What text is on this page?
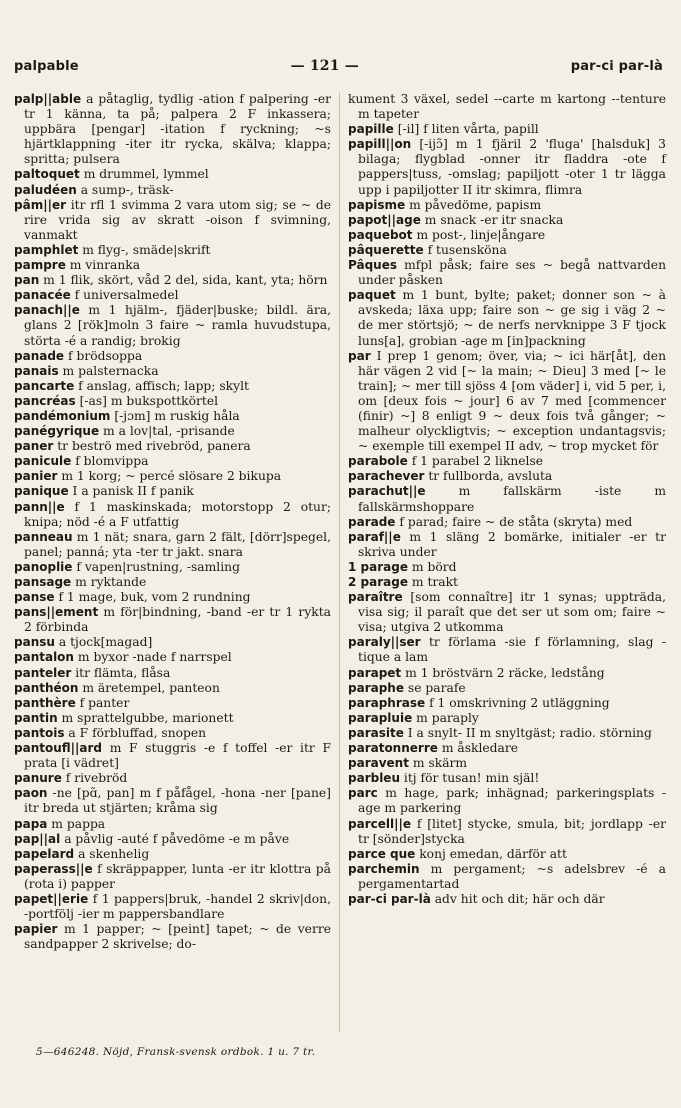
palpable	— 121 —	par-ci par-là

palp||able a påtaglig, tydlig -ation f palpering -er tr 1 känna, ta på; palpera 2 F inkassera; uppbära [pengar] -itation f ryckning; ~s hjärtklappning -iter itr rycka, skälva; klappa; spritta; pulsera

paltoquet m drummel, lymmel

paludéen a sump-, träsk-

pâm||er itr rfl 1 svimma 2 vara utom sig; se ~ de rire vrida sig av skratt -oison f svimning, vanmakt

pamphlet m flyg-, smäde|skrift

pampre m vinranka

pan m 1 flik, skört, våd 2 del, sida, kant, yta; hörn

panacée f universalmedel

panach||e m 1 hjälm-, fjäder|buske; bildl. ära, glans 2 [rök]moln 3 faire ~ ramla huvudstupa, störta -é a randig; brokig

panade f brödsoppa

panais m palsternacka

pancarte f anslag, affisch; lapp; skylt

pancréas [-as] m bukspottkörtel

pandémonium [-jɔm] m ruskig håla

panégyrique m a lov|tal, -prisande

paner tr beströ med rivebröd, panera

panicule f blomvippa

panier m 1 korg; ~ percé slösare 2 bikupa

panique I a panisk II f panik

pann||e f 1 maskinskada; motorstopp 2 otur; knipa; nöd -é a F utfattig

panneau m 1 nät; snara, garn 2 fält, [dörr]spegel, panel; panná; yta -ter tr jakt. snara

panoplie f vapen|rustning, -samling

pansage m ryktande

panse f 1 mage, buk, vom 2 rundning

pans||ement m för|bindning, -band -er tr 1 rykta 2 förbinda

pansu a tjock[magad]

pantalon m byxor -nade f narrspel

panteler itr flämta, flåsa

panthéon m äretempel, panteon

panthère f panter

pantin m sprattelgubbe, marionett

pantois a F förbluffad, snopen

pantoufl||ard m F stuggris -e f toffel -er itr F prata [i vädret]

panure f rivebröd

paon -ne [pɑ̃, pan] m f påfågel, -hona -ner [pane] itr breda ut stjärten; kråma sig

papa m pappa

pap||al a påvlig -auté f påvedöme -e m påve

papelard a skenhelig

paperass||e f skräppapper, lunta -er itr klottra på (rota i) papper

papet||erie f 1 pappers|bruk, -handel 2 skriv|don, -portfölj -ier m pappersbandlare

papier m 1 papper; ~ [peint] tapet; ~ de verre sandpapper 2 skrivelse; do-

kument 3 växel, sedel --carte m kartong --tenture m tapeter

papille [-il] f liten vårta, papill

papill||on [-ijɔ̃] m 1 fjäril 2 'fluga' [halsduk] 3 bilaga; flygblad -onner itr fladdra -ote f pappers|tuss, -omslag; papiljott -oter 1 tr lägga upp i papiljotter II itr skimra, flimra

papisme m påvedöme, papism

papot||age m snack -er itr snacka

paquebot m post-, linje|ångare

pâquerette f tusensköna

Pâques mfpl påsk; faire ses ~ begå nattvarden under påsken

paquet m 1 bunt, bylte; paket; donner son ~ à avskeda; läxa upp; faire son ~ ge sig i väg 2 ~ de mer störtsjö; ~ de nerfs nervknippe 3 F tjock luns[a], grobian -age m [in]packning

par I prep 1 genom; över, via; ~ ici här[åt], den här vägen 2 vid [~ la main; ~ Dieu] 3 med [~ le train]; ~ mer till sjöss 4 [om väder] i, vid 5 per, i, om [deux fois ~ jour] 6 av 7 med [commencer (finir) ~] 8 enligt 9 ~ deux fois två gånger; ~ malheur olyckligtvis; ~ exception undantagsvis; ~ exemple till exempel II adv, ~ trop mycket för

parabole f 1 parabel 2 liknelse

parachever tr fullborda, avsluta

parachut||e	m fallskärm -iste m fallskärmshoppare

parade f parad; faire ~ de ståta (skryta) med

paraf||e m 1 släng 2 bomärke, initialer -er tr skriva under

1 parage m börd

2 parage m trakt

paraître [som connaître] itr 1 synas; uppträda, visa sig; il paraît que det ser ut som om; faire ~ visa; utgiva 2 utkomma

paraly||ser tr förlama -sie f förlamning, slag -tique a lam

parapet m 1 bröstvärn 2 räcke, ledstång

paraphe se parafe

paraphrase f 1 omskrivning 2 utläggning

parapluie m paraply

parasite I a snylt- II m snyltgäst; radio. störning

paratonnerre m åskledare

paravent m skärm

parbleu itj för tusan! min själ!

parc m hage, park; inhägnad; parkeringsplats -age m parkering

parcell||e f [litet] stycke, smula, bit; jordlapp -er tr [sönder]stycka

parce que konj emedan, därför att

parchemin m pergament; ~s adelsbrev -é a pergamentartad

par-ci par-là adv hit och dit; här och där

5—646248. Nöjd, Fransk-svensk ordbok. 1 u. 7 tr.
